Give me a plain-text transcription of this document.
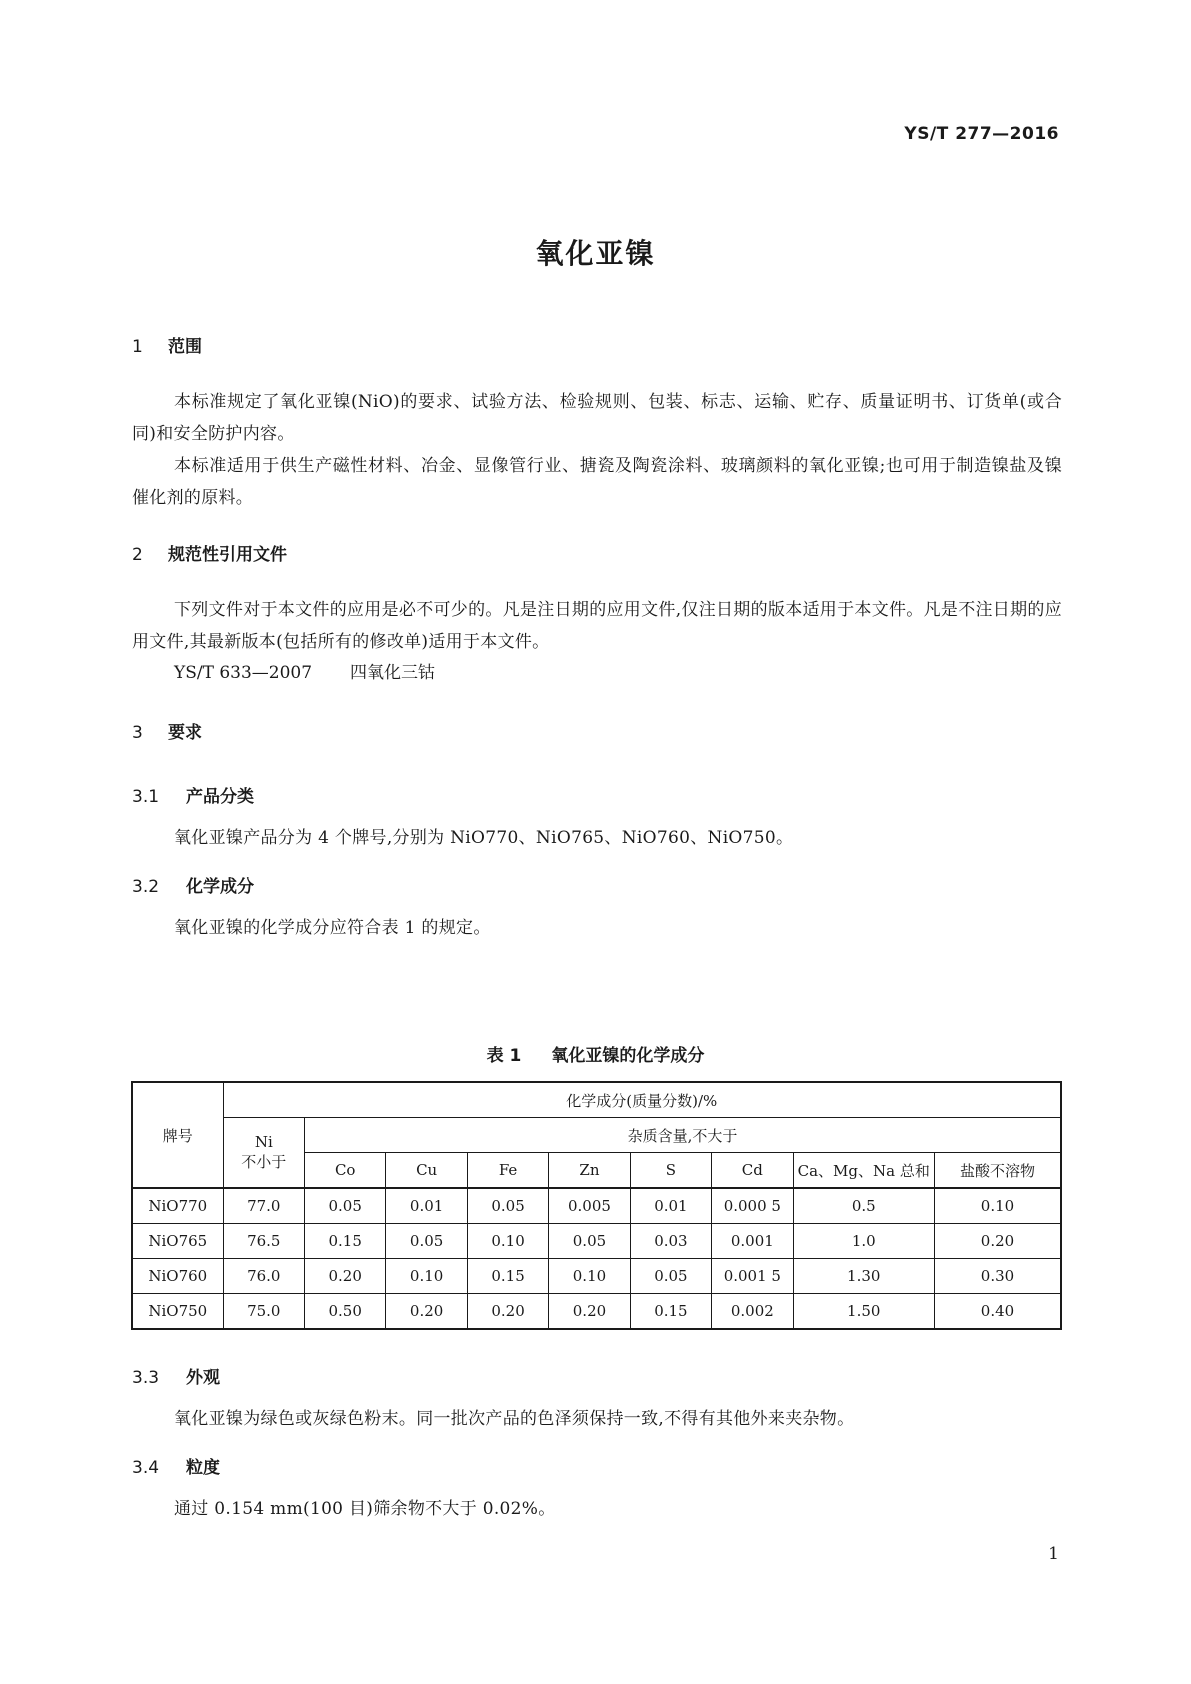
YS/T 277—2016
氧化亚镍
1 范围

本标准规定了氧化亚镍(NiO)的要求、试验方法、检验规则、包装、标志、运输、贮存、质量证明书、订货单(或合同)和安全防护内容。

本标准适用于供生产磁性材料、冶金、显像管行业、搪瓷及陶瓷涂料、玻璃颜料的氧化亚镍;也可用于制造镍盐及镍催化剂的原料。

2 规范性引用文件

下列文件对于本文件的应用是必不可少的。凡是注日期的应用文件,仅注日期的版本适用于本文件。凡是不注日期的应用文件,其最新版本(包括所有的修改单)适用于本文件。

YS/T 633—2007 四氧化三钴
3 要求
3.1 产品分类

氧化亚镍产品分为 4 个牌号,分别为 NiO770、NiO765、NiO760、NiO750。

3.2 化学成分

氧化亚镍的化学成分应符合表 1 的规定。

表 1 氧化亚镍的化学成分
牌号	化学成分(质量分数)/%								

	Ni
不小于	杂质含量,不大于							
		Co	Cu	Fe	Zn	S	Cd	Ca、Mg、Na 总和	盐酸不溶物
NiO770	77.0	0.05	0.01	0.05	0.005	0.01	0.000 5	0.5	0.10
NiO765	76.5	0.15	0.05	0.10	0.05	0.03	0.001	1.0	0.20
NiO760	76.0	0.20	0.10	0.15	0.10	0.05	0.001 5	1.30	0.30
NiO750	75.0	0.50	0.20	0.20	0.20	0.15	0.002	1.50	0.40
3.3 外观

氧化亚镍为绿色或灰绿色粉末。同一批次产品的色泽须保持一致,不得有其他外来夹杂物。

3.4 粒度

通过 0.154 mm(100 目)筛余物不大于 0.02%。

1
